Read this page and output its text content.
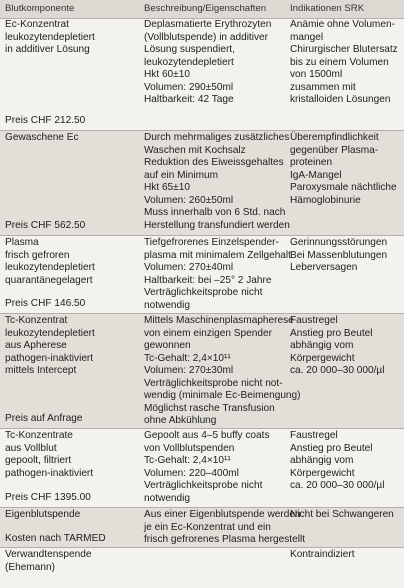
Blutkomponente	Beschreibung/Eigenschaften Indikationen SRK
Ec-Konzentrat
leukozytendepletiert
in additiver Lösung
Preis CHF 212.50
Deplasmatierte Erythrozyten
(Vollblutspende) in additiver
Lösung suspendiert,
leukozytendepletiert
Hkt 60±10
Volumen: 290±50ml
Haltbarkeit: 42 Tage
Anämie ohne Volumen-
mangel
Chirurgischer Blutersatz
bis zu einem Volumen
von 1500ml
zusammen mit
kristalloiden Lösungen
Gewaschene Ec
Preis CHF 562.50
Durch mehrmaliges zusätzliches
Waschen mit Kochsalz
Reduktion des Eiweissgehaltes
auf ein Minimum
Hkt 65±10
Volumen: 260±50ml
Muss innerhalb von 6 Std. nach
Herstellung transfundiert werden
Überempfindlichkeit
gegenüber Plasma-
proteinen
IgA-Mangel
Paroxysmale nächtliche
Hämoglobinurie
Plasma
frisch gefroren
leukozytendepletiert
quarantänegelagert
Preis CHF 146.50
Tiefgefrorenes Einzelspender-
plasma mit minimalem Zellgehalt
Volumen: 270±40ml
Haltbarkeit: bei –25° 2 Jahre
Verträglichkeitsprobe nicht
notwendig
Gerinnungsstörungen
Bei Massenblutungen
Leberversagen
Tc-Konzentrat
leukozytendepletiert
aus Apherese
pathogen-inaktiviert
mittels Intercept
Preis auf Anfrage
Mittels Maschinenplasmapherese
von einem einzigen Spender
gewonnen
Tc-Gehalt: 2,4×10¹¹
Volumen: 270±30ml
Verträglichkeitsprobe nicht not-
wendig (minimale Ec-Beimengung)
Möglichst rasche Transfusion
ohne Abkühlung
Faustregel
Anstieg pro Beutel
abhängig vom
Körpergewicht
ca. 20 000–30 000/µl
Tc-Konzentrate
aus Vollblut
gepoolt, filtriert
pathogen-inaktiviert
Preis CHF 1395.00
Gepoolt aus 4–5 buffy coats
von Vollblutspenden
Tc-Gehalt: 2,4×10¹¹
Volumen: 220–400ml
Verträglichkeitsprobe nicht
notwendig
Faustregel
Anstieg pro Beutel
abhängig vom
Körpergewicht
ca. 20 000–30 000/µl
Eigenblutspende
Kosten nach TARMED
Aus einer Eigenblutspende werden
je ein Ec-Konzentrat und ein
frisch gefrorenes Plasma hergestellt
Nicht bei Schwangeren
Verwandtenspende
(Ehemann)
Kontraindiziert
